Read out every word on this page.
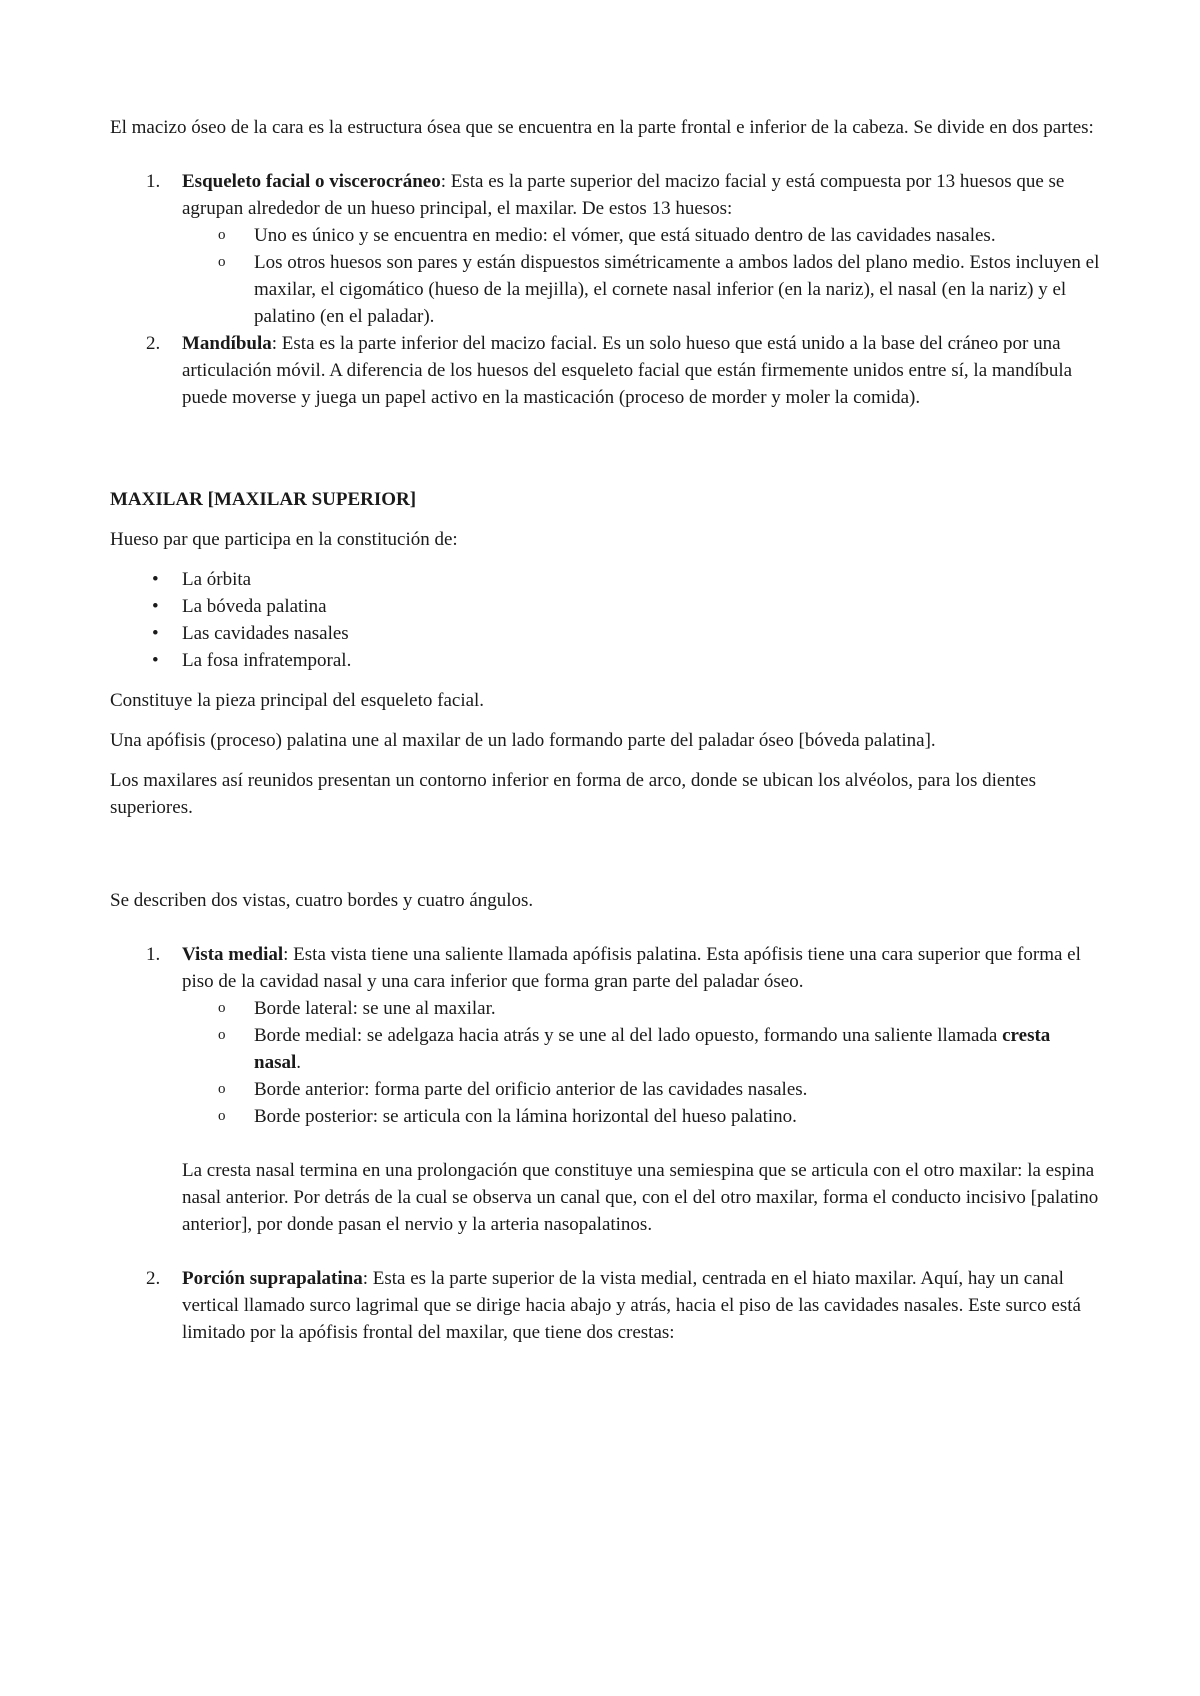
El macizo óseo de la cara es la estructura ósea que se encuentra en la parte frontal e inferior de la cabeza. Se divide en dos partes:

1. Esqueleto facial o viscerocráneo: Esta es la parte superior del macizo facial y está compuesta por 13 huesos que se agrupan alrededor de un hueso principal, el maxilar. De estos 13 huesos:
o Uno es único y se encuentra en medio: el vómer, que está situado dentro de las cavidades nasales.
o Los otros huesos son pares y están dispuestos simétricamente a ambos lados del plano medio. Estos incluyen el maxilar, el cigomático (hueso de la mejilla), el cornete nasal inferior (en la nariz), el nasal (en la nariz) y el palatino (en el paladar).
2. Mandíbula: Esta es la parte inferior del macizo facial. Es un solo hueso que está unido a la base del cráneo por una articulación móvil. A diferencia de los huesos del esqueleto facial que están firmemente unidos entre sí, la mandíbula puede moverse y juega un papel activo en la masticación (proceso de morder y moler la comida).

MAXILAR [MAXILAR SUPERIOR]

Hueso par que participa en la constitución de:

• La órbita
• La bóveda palatina
• Las cavidades nasales
• La fosa infratemporal.

Constituye la pieza principal del esqueleto facial.

Una apófisis (proceso) palatina une al maxilar de un lado formando parte del paladar óseo [bóveda palatina].

Los maxilares así reunidos presentan un contorno inferior en forma de arco, donde se ubican los alvéolos, para los dientes superiores.

Se describen dos vistas, cuatro bordes y cuatro ángulos.

1. Vista medial: Esta vista tiene una saliente llamada apófisis palatina. Esta apófisis tiene una cara superior que forma el piso de la cavidad nasal y una cara inferior que forma gran parte del paladar óseo.
o Borde lateral: se une al maxilar.
o Borde medial: se adelgaza hacia atrás y se une al del lado opuesto, formando una saliente llamada cresta nasal.
o Borde anterior: forma parte del orificio anterior de las cavidades nasales.
o Borde posterior: se articula con la lámina horizontal del hueso palatino.

La cresta nasal termina en una prolongación que constituye una semiespina que se articula con el otro maxilar: la espina nasal anterior. Por detrás de la cual se observa un canal que, con el del otro maxilar, forma el conducto incisivo [palatino anterior], por donde pasan el nervio y la arteria nasopalatinos.

2. Porción suprapalatina: Esta es la parte superior de la vista medial, centrada en el hiato maxilar. Aquí, hay un canal vertical llamado surco lagrimal que se dirige hacia abajo y atrás, hacia el piso de las cavidades nasales. Este surco está limitado por la apófisis frontal del maxilar, que tiene dos crestas:
